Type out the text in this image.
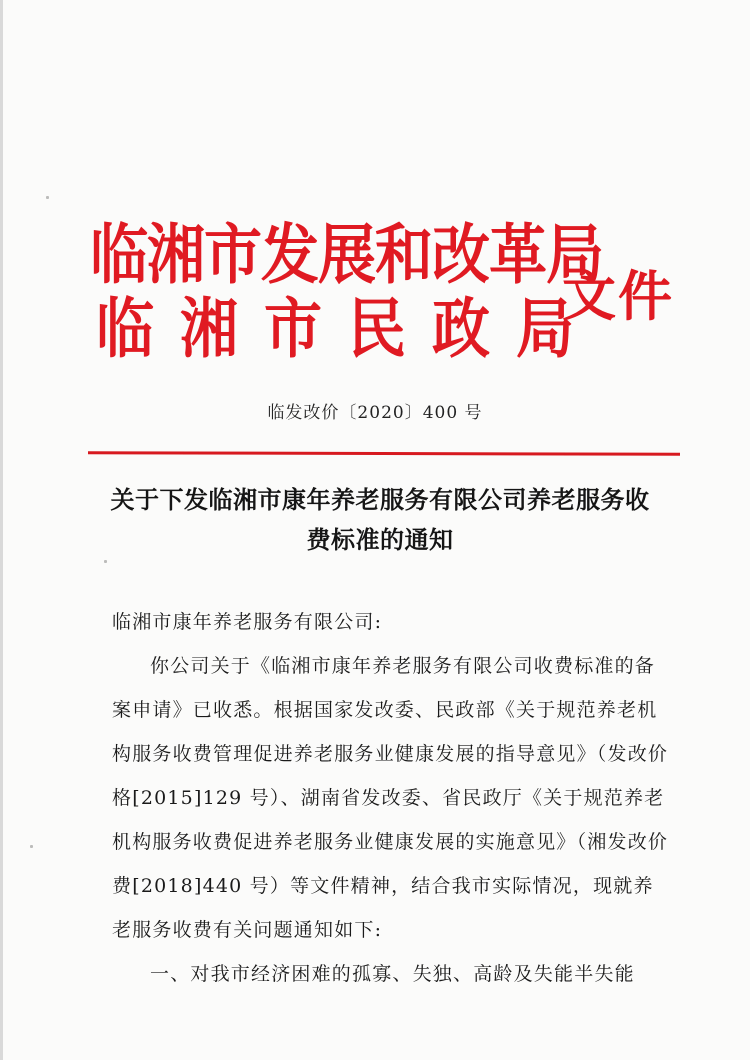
临湘市发展和改革局
临湘市民政局
文件
临发改价〔2020〕400 号
关于下发临湘市康年养老服务有限公司养老服务收费标准的通知

临湘市康年养老服务有限公司:

你公司关于《临湘市康年养老服务有限公司收费标准的备案申请》已收悉。根据国家发改委、民政部《关于规范养老机构服务收费管理促进养老服务业健康发展的指导意见》（发改价格[2015]129 号）、湖南省发改委、省民政厅《关于规范养老机构服务收费促进养老服务业健康发展的实施意见》（湘发改价费[2018]440 号）等文件精神，结合我市实际情况，现就养老服务收费有关问题通知如下:

一、对我市经济困难的孤寡、失独、高龄及失能半失能
